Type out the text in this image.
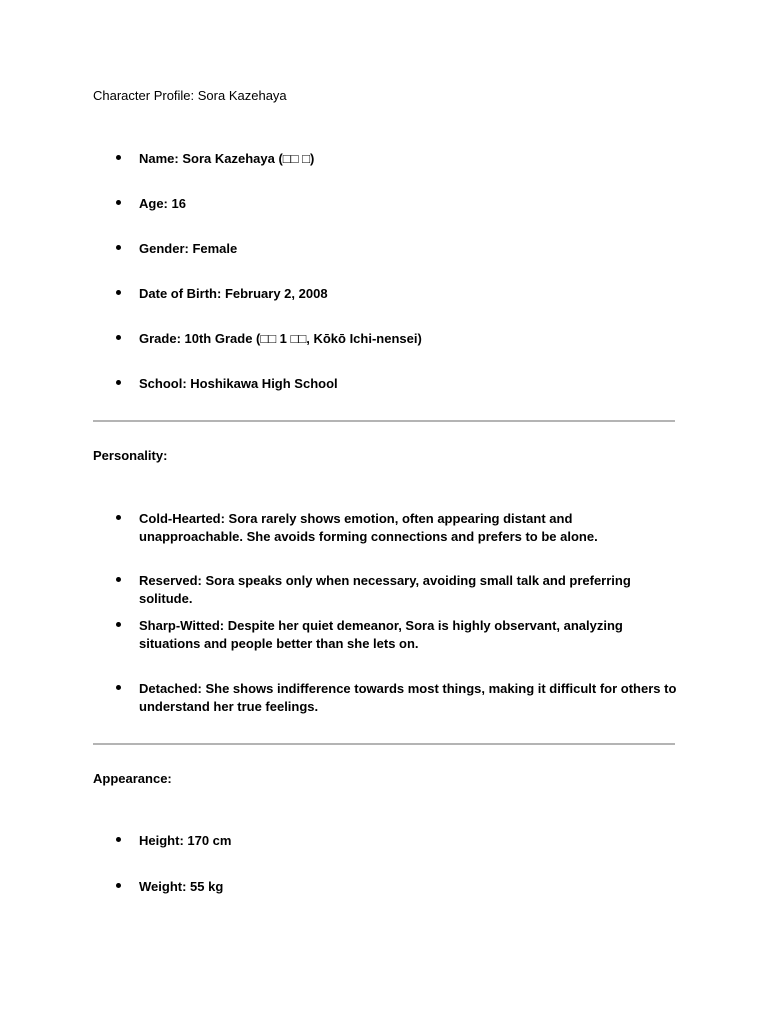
Character Profile: Sora Kazehaya

Name: Sora Kazehaya (□□ □)

Age: 16

Gender: Female

Date of Birth: February 2, 2008

Grade: 10th Grade (□□ 1 □□, Kōkō Ichi-nensei)

School: Hoshikawa High School

Personality:

Cold-Hearted: Sora rarely shows emotion, often appearing distant and unapproachable. She avoids forming connections and prefers to be alone.

Reserved: Sora speaks only when necessary, avoiding small talk and preferring solitude.

Sharp-Witted: Despite her quiet demeanor, Sora is highly observant, analyzing situations and people better than she lets on.

Detached: She shows indifference towards most things, making it difficult for others to understand her true feelings.

Appearance:

Height: 170 cm

Weight: 55 kg
